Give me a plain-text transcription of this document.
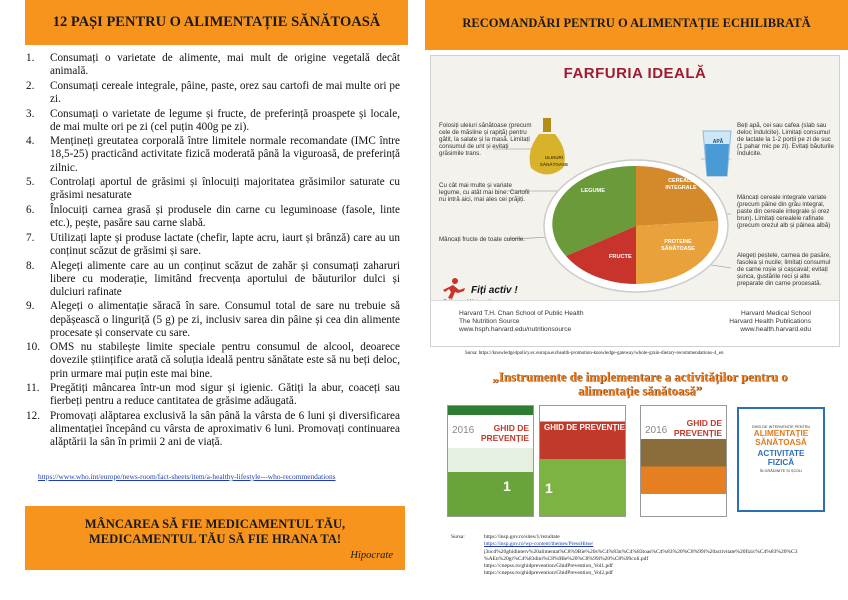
12 PAȘI PENTRU O ALIMENTAȚIE SĂNĂTOASĂ
1. Consumați o varietate de alimente, mai mult de origine vegetală decât animală.
2. Consumați cereale integrale, pâine, paste, orez sau cartofi de mai multe ori pe zi.
3. Consumați o varietate de legume și fructe, de preferință proaspete și locale, de mai multe ori pe zi (cel puțin 400g pe zi).
4. Mențineți greutatea corporală între limitele normale recomandate (IMC între 18,5-25) practicând activitate fizică moderată până la viguroasă, de preferință zilnic.
5. Controlați aportul de grăsimi și înlocuiți majoritatea grăsimilor saturate cu grăsimi nesaturate
6. Înlocuiți carnea grasă și produsele din carne cu leguminoase (fasole, linte etc.), pește, pasăre sau carne slabă.
7. Utilizați lapte și produse lactate (chefir, lapte acru, iaurt și brânză) care au un conținut scăzut de grăsimi și sare.
8. Alegeți alimente care au un conținut scăzut de zahăr și consumați zaharuri libere cu moderație, limitând frecvența aportului de băuturilor dulci și dulciuri rafinate
9. Alegeți o alimentație săracă în sare. Consumul total de sare nu trebuie să depășească o linguriță (5 g) pe zi, inclusiv sarea din pâine și cea din alimente procesate și conservate cu sare.
10. OMS nu stabilește limite speciale pentru consumul de alcool, deoarece dovezile științifice arată că soluția ideală pentru sănătate este să nu beți deloc, prin urmare mai puțin este mai bine.
11. Pregătiți mâncarea într-un mod sigur și igienic. Gătiți la abur, coaceți sau fierbeți pentru a reduce cantitatea de grăsime adăugată.
12. Promovați alăptarea exclusivă la sân până la vârsta de 6 luni și diversificarea alimentației începând cu vârsta de aproximativ 6 luni. Promovați continuarea alăptării la sân în primii 2 ani de viață.
https://www.who.int/europe/news-room/fact-sheets/item/a-healthy-lifestyle---who-recommendations
MÂNCAREA SĂ FIE MEDICAMENTUL TĂU,
MEDICAMENTUL TĂU SĂ FIE HRANA TA!
Hipocrate
RECOMANDĂRI PENTRU O ALIMENTAȚIE ECHILIBRATĂ
FARFURIA IDEALĂ
ULEIURI SĂNĂTOASE
APĂ
LEGUME
FRUCTE
CEREALE
INTEGRALE
PROTEINE
SĂNĂTOASE
Folosiți uleiuri sănătoase (precum cele de măsline și rapiță) pentru gătit, la salate și la masă. Limitați consumul de unt și evitați grăsimile trans.
Cu cât mai multe și variate legume, cu atât mai bine. Cartofii nu intră aici, mai ales cei prăjiți.
Mâncați fructe de toate culorile.
Beți apă, cei sau cafea (slab sau deloc îndulcite). Limitați consumul de lactate la 1-2 porții pe zi de suc (1 pahar mic pe zi). Evitați băuturile îndulcite.
Mâncați cereale integrale variate (precum pâine din grâu integral, paste din cereale integrale și orez brun). Limitați cerealele rafinate (precum orezul alb și pâinea albă)
Alegeți peștele, carnea de pasăre, fasolea și nucile; limitați consumul de carne roșie și cașcaval; evitați șunca, gustările reci și alte preparate din carne procesată.
Fiți activ !
Harvard T.H. Chan School of Public Health
The Nutrition Source
www.hsph.harvard.edu/nutritionsource
Harvard Medical School
Harvard Health Publications
www.health.harvard.edu
Sursa: https://knowledge4policy.ec.europa.eu/health-promotion-knowledge-gateway/whole-grain-dietary-recommendations-4_en
„Instrumente de implementare a activităților pentru o
alimentație sănătoasă”
2016	GHID DE PREVENȚIE
1
GHID DE PREVENȚIE
1
2016
GHID DE PREVENȚIE
2
GHID DE INTERVENȚIE PENTRU
ALIMENTAȚIE
SĂNĂTOASĂ
ACTIVITATE
FIZICĂ
ÎN GRĂDINIȚE ȘI ȘCOLI
Sursa:	https://insp.gov.ro/sites/1/rezultate
https://insp.gov.ro/wp-content/themes/PressHitse/
j3ncd%20ghidinterv%20alimentat%C8%9Bie%20s%C4%83n%C4%83toas%C4%83%20%C8%99i%20activitate%20fizic%C4%83%20%C3
%AEn%20gr%C4%83dini%C8%9Be%20%C8%99i%20%C8%99coli.pdf
https://cnepss.ro/ghidprevention/GhidPrevention_Vol1.pdf
https://cnepss.ro/ghidprevention/GhidPrevention_Vol2.pdf
